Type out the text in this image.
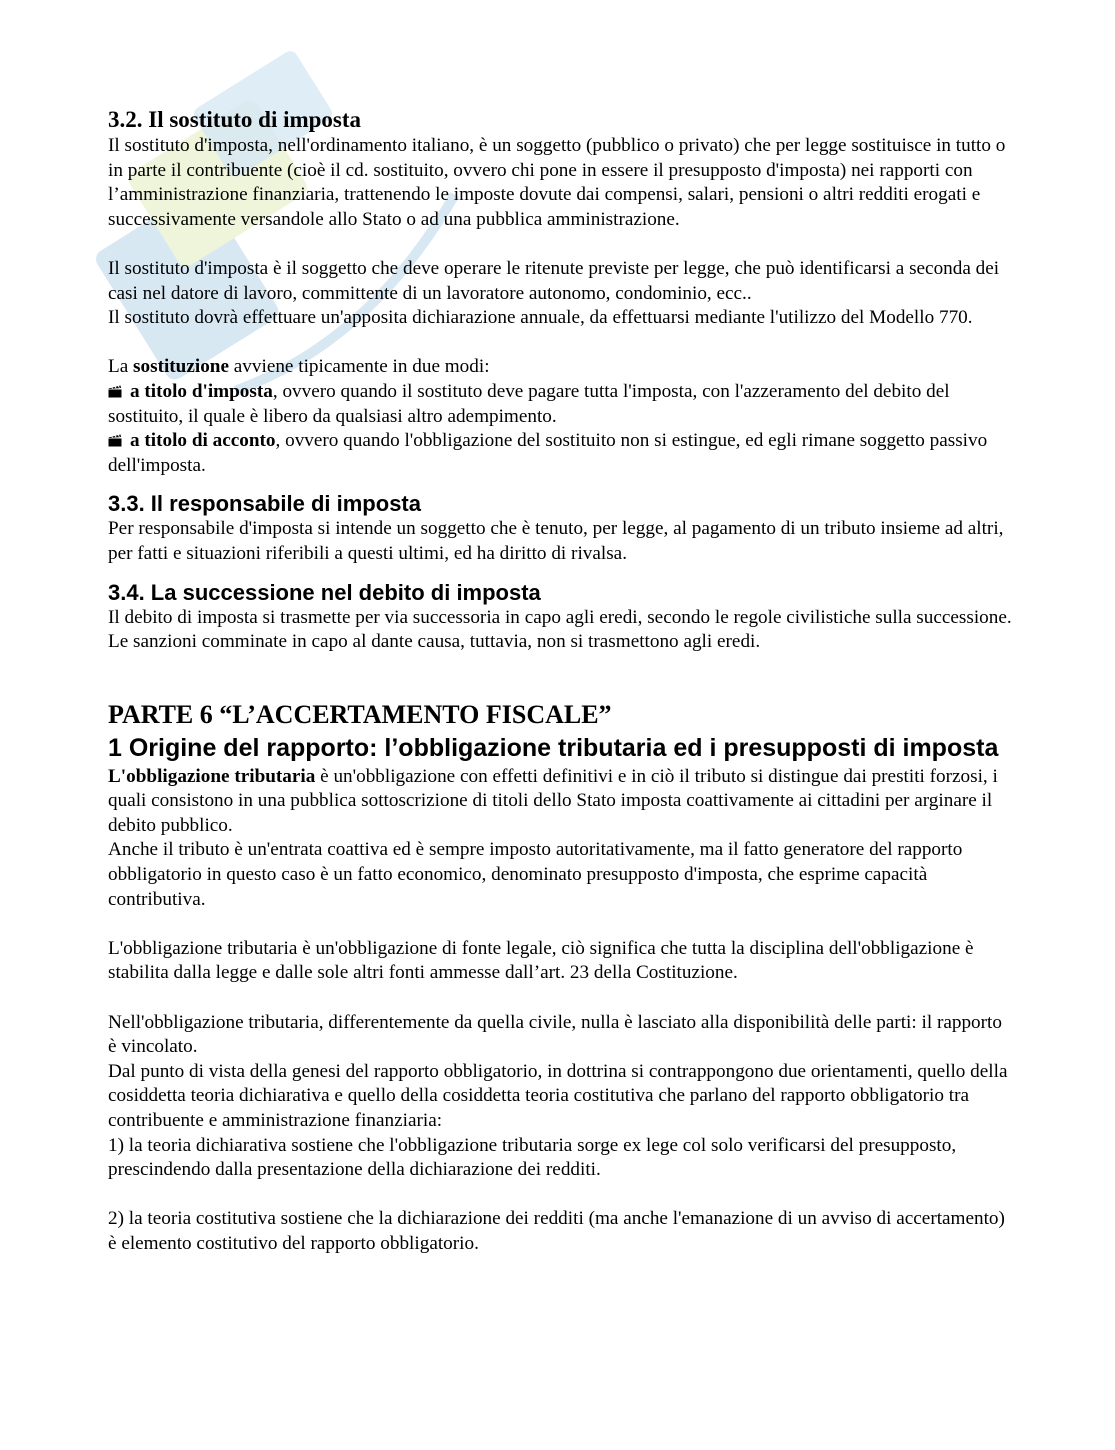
3.2. Il sostituto di imposta

Il sostituto d'imposta, nell'ordinamento italiano, è un soggetto (pubblico o privato) che per legge sostituisce in tutto o in parte il contribuente (cioè il cd. sostituito, ovvero chi pone in essere il presupposto d'imposta) nei rapporti con l’amministrazione finanziaria, trattenendo le imposte dovute dai compensi, salari, pensioni o altri redditi erogati e successivamente versandole allo Stato o ad una pubblica amministrazione.

Il sostituto d'imposta è il soggetto che deve operare le ritenute previste per legge, che può identificarsi a seconda dei casi nel datore di lavoro, committente di un lavoratore autonomo, condominio, ecc..

Il sostituto dovrà effettuare un'apposita dichiarazione annuale, da effettuarsi mediante l'utilizzo del Modello 770.

La sostituzione avviene tipicamente in due modi:

a titolo d'imposta, ovvero quando il sostituto deve pagare tutta l'imposta, con l'azzeramento del debito del sostituito, il quale è libero da qualsiasi altro adempimento.

a titolo di acconto, ovvero quando l'obbligazione del sostituito non si estingue, ed egli rimane soggetto passivo dell'imposta.

3.3. Il responsabile di imposta

Per responsabile d'imposta si intende un soggetto che è tenuto, per legge, al pagamento di un tributo insieme ad altri, per fatti e situazioni riferibili a questi ultimi, ed ha diritto di rivalsa.

3.4. La successione nel debito di imposta

Il debito di imposta si trasmette per via successoria in capo agli eredi, secondo le regole civilistiche sulla successione.

Le sanzioni comminate in capo al dante causa, tuttavia, non si trasmettono agli eredi.

PARTE 6 “L’ACCERTAMENTO FISCALE”
1 Origine del rapporto: l’obbligazione tributaria ed i presupposti di imposta

L'obbligazione tributaria è un'obbligazione con effetti definitivi e in ciò il tributo si distingue dai prestiti forzosi, i quali consistono in una pubblica sottoscrizione di titoli dello Stato imposta coattivamente ai cittadini per arginare il debito pubblico.

Anche il tributo è un'entrata coattiva ed è sempre imposto autoritativamente, ma il fatto generatore del rapporto obbligatorio in questo caso è un fatto economico, denominato presupposto d'imposta, che esprime capacità contributiva.

L'obbligazione tributaria è un'obbligazione di fonte legale, ciò significa che tutta la disciplina dell'obbligazione è stabilita dalla legge e dalle sole altri fonti ammesse dall’art. 23 della Costituzione.

Nell'obbligazione tributaria, differentemente da quella civile, nulla è lasciato alla disponibilità delle parti: il rapporto è vincolato.

Dal punto di vista della genesi del rapporto obbligatorio, in dottrina si contrappongono due orientamenti, quello della cosiddetta teoria dichiarativa e quello della cosiddetta teoria costitutiva che parlano del rapporto obbligatorio tra contribuente e amministrazione finanziaria:

1) la teoria dichiarativa sostiene che l'obbligazione tributaria sorge ex lege col solo verificarsi del presupposto, prescindendo dalla presentazione della dichiarazione dei redditi.

2) la teoria costitutiva sostiene che la dichiarazione dei redditi (ma anche l'emanazione di un avviso di accertamento) è elemento costitutivo del rapporto obbligatorio.
